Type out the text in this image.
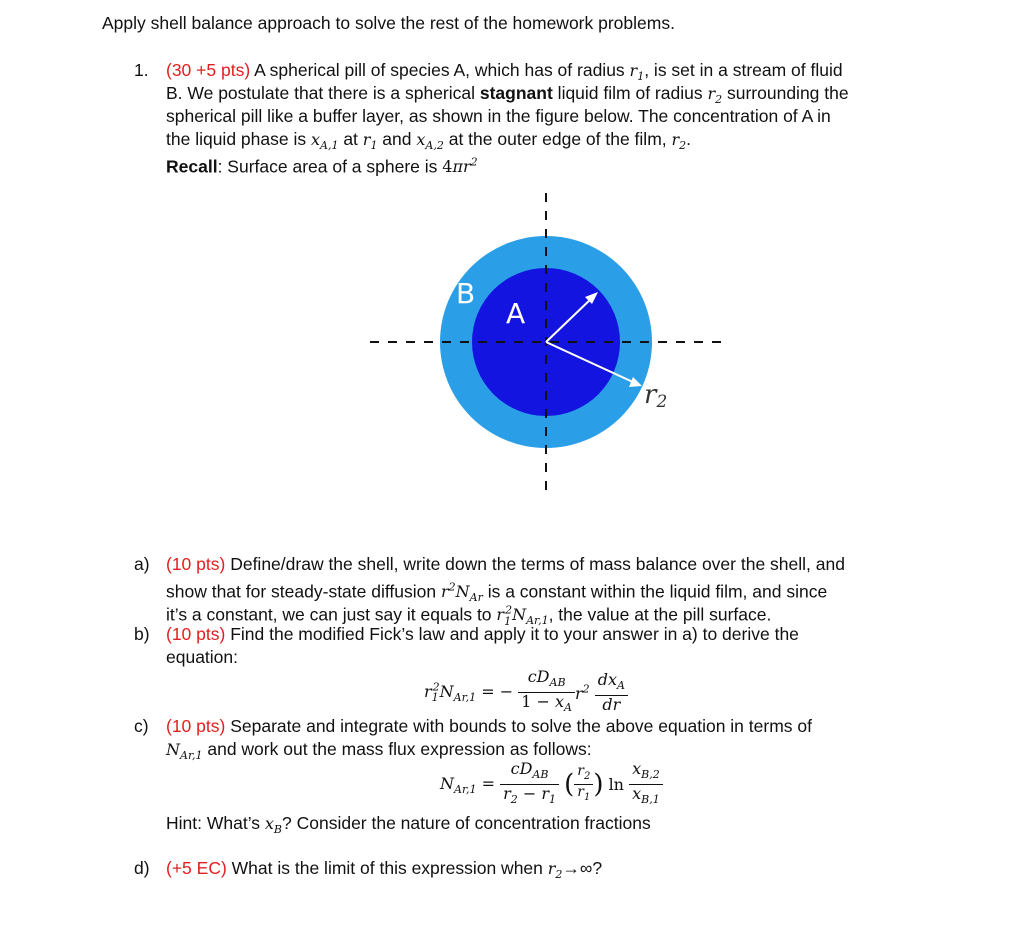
Apply shell balance approach to solve the rest of the homework problems.
1. (30 +5 pts) A spherical pill of species A, which has of radius $r_1$, is set in a stream of fluid
B. We postulate that there is a spherical stagnant liquid film of radius $r_2$ surrounding the
spherical pill like a buffer layer, as shown in the figure below. The concentration of A in
the liquid phase is $x_{A,1}$ at $r_1$ and $x_{A,2}$ at the outer edge of the film, $r_2$.
Recall: Surface area of a sphere is $4\pi r^2$
B
A r1
r2
a) (10 pts) Define/draw the shell, write down the terms of mass balance over the shell, and
show that for steady-state diffusion $r^2N_{Ar}$ is a constant within the liquid film, and since
it’s a constant, we can just say it equals to $r_1^2N_{Ar,1}$, the value at the pill surface.
b) (10 pts) Find the modified Fick’s law and apply it to your answer in a) to derive the
equation:
$r_1^2N_{Ar,1}$ = − $\frac{cD_{AB}}{1 - x_A} r^2 \frac{dx_A}{dr}$
c) (10 pts) Separate and integrate with bounds to solve the above equation in terms of
$N_{Ar,1}$ and work out the mass flux expression as follows:
$N_{Ar,1} = \frac{cD_{AB}}{r_2 - r_1}$ ( $\frac{r_2}{r_1}$ ) $\ln \frac{x_{B,2}}{x_{B,1}}$
Hint: What’s $x_B$? Consider the nature of concentration fractions
d) (+5 EC) What is the limit of this expression when $r_2\to\infty$?
